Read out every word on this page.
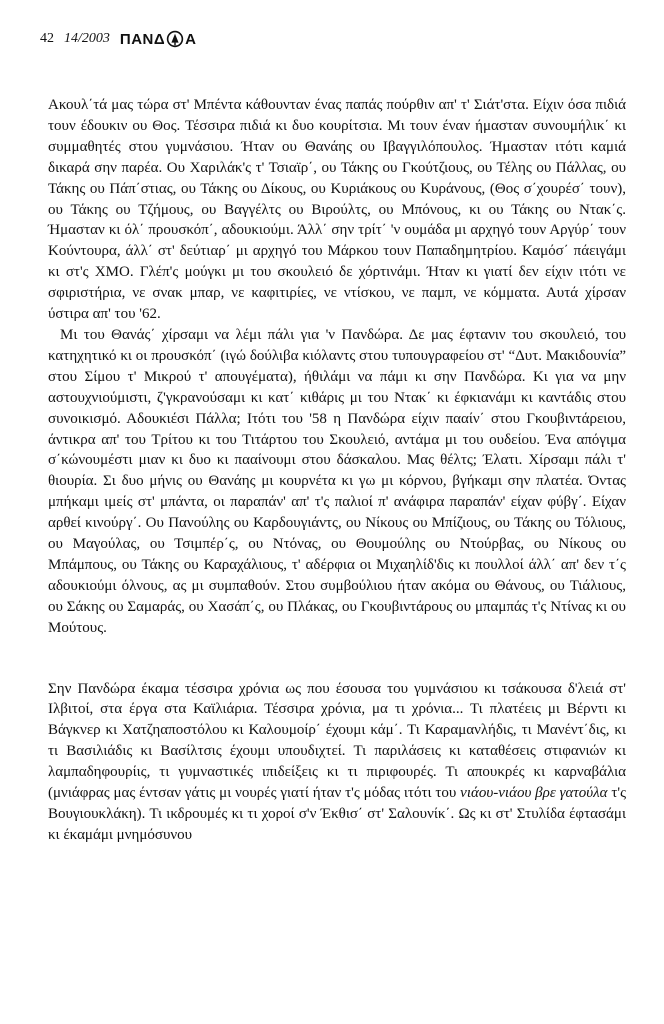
42 14/2003 ΠΑΝΔ Α

Ακουλ΄τά μας τώρα στ' Μπέντα κάθουνταν ένας παπάς πούρθιν απ' τ' Σιάτ'στα. Είχιν όσα πιδιά τουν έδουκιν ου Θος. Τέσσιρα πιδιά κι δυο κουρίτσια. Μι τουν έναν ήμασταν συνουμήλικ΄ κι συμμαθητές στου γυμνάσιου. Ήταν ου Θανάης ου Ιβαγγιλόπουλος. Ήμασταν ιτότι καμιά δικαρά σην παρέα. Ου Χαριλάκ'ς τ' Τσιαϊρ΄, ου Τάκης ου Γκούτζιους, ου Τέλης ου Πάλλας, ου Τάκης ου Πάπ΄στιας, ου Τάκης ου Δίκους, ου Κυριάκους ου Κυράνους, (Θος σ΄χουρέσ΄ τουν), ου Τάκης ου Τζήμους, ου Βαγγέλτς ου Βιρούλτς, ου Μπόνους, κι ου Τάκης ου Ντακ΄ς. Ήμασταν κι όλ΄ προυσκόπ΄, αδουκιούμι. Άλλ΄ σην τρίτ΄ 'ν ουμάδα μι αρχηγό τουν Αργύρ΄ τουν Κούντουρα, άλλ΄ στ' δεύτιαρ΄ μι αρχηγό του Μάρκου τουν Παπαδημητρίου. Καμόσ΄ πάειγάμι κι στ'ς ΧΜΟ. Γλέπ'ς μούγκι μι του σκουλειό δε χόρτινάμι. Ήταν κι γιατί δεν είχιν ιτότι νε σφιριστήρια, νε σνακ μπαρ, νε καφιτιρίες, νε ντίσκου, νε παμπ, νε κόμματα. Αυτά χίρσαν ύστιρα απ' του '62.

Μι του Θανάς΄ χίρσαμι να λέμι πάλι για 'ν Πανδώρα. Δε μας έφτανιν του σκουλειό, του κατηχητικό κι οι προυσκόπ΄ (ιγώ δούλιβα κιόλαντς στου τυπουγραφείου στ' “Δυτ. Μακιδουνία” στου Σίμου τ' Μικρού τ' απουγέματα), ήθιλάμι να πάμι κι σην Πανδώρα. Κι για να μην αστουχνιούμιστι, ζ'γκρανούσαμι κι κατ΄ κιθάρις μι του Ντακ΄ κι έφκιανάμι κι καντάδις στου συνοικισμό. Αδουκιέσι Πάλλα; Ιτότι του '58 η Πανδώρα είχιν πααίν΄ στου Γκουβιντάρειου, άντικρα απ' του Τρίτου κι του Τιτάρτου του Σκουλειό, αντάμα μι του ουδείου. Ένα απόγιμα σ΄κώνουμέστι μιαν κι δυο κι πααίνουμι στου δάσκαλου. Μας θέλτς; Έλατι. Χίρσαμι πάλι τ' θιουρία. Σι δυο μήνις ου Θανάης μι κουρνέτα κι γω μι κόρνου, βγήκαμι σην πλατέα. Όντας μπήκαμι ιμείς στ' μπάντα, οι παραπάν' απ' τ'ς παλιοί π' ανάφιρα παραπάν' είχαν φύβγ΄. Είχαν αρθεί κινούργ΄. Ου Πανούλης ου Καρδουγιάντς, ου Νίκους ου Μπίζιους, ου Τάκης ου Τόλιους, ου Μαγούλας, ου Τσιμπέρ΄ς, ου Ντόνας, ου Θουμούλης ου Ντούρβας, ου Νίκους ου Μπάμπους, ου Τάκης ου Καραχάλιους, τ' αδέρφια οι Μιχαηλίδ'δις κι πουλλοί άλλ΄ απ' δεν τ΄ς αδουκιούμι όλνους, ας μι συμπαθούν. Στου συμβούλιου ήταν ακόμα ου Θάνους, ου Τιάλιους, ου Σάκης ου Σαμαράς, ου Χασάπ΄ς, ου Πλάκας, ου Γκουβιντάρους ου μπαμπάς τ'ς Ντίνας κι ου Μούτους.

Σην Πανδώρα έκαμα τέσσιρα χρόνια ως που έσουσα του γυμνάσιου κι τσάκουσα δ'λειά στ' Ιλβιτοί, στα έργα στα Καϊλιάρια. Τέσσιρα χρόνια, μα τι χρόνια... Τι πλατέεις μι Βέρντι κι Βάγκνερ κι Χατζηαποστόλου κι Καλουμοίρ΄ έχουμι κάμ΄. Τι Καραμανλήδις, τι Μανέντ΄δις, κι τι Βασιλιάδις κι Βασίλτσις έχουμι υπουδιχτεί. Τι παριλάσεις κι καταθέσεις στιφανιών κι λαμπαδηφουρίις, τι γυμναστικές ιπιδείξεις κι τι πιριφουρές. Τι απουκρές κι καρναβάλια (μνιάφρας μας έντσαν γάτις μι νουρές γιατί ήταν τ'ς μόδας ιτότι του νιάου-νιάου βρε γατούλα τ'ς Βουγιουκλάκη). Τι ικδρουμές κι τι χοροί σ'ν Έκθισ΄ στ' Σαλουνίκ΄. Ως κι στ' Στυλίδα έφτασάμι κι έκαμάμι μνημόσυνου
